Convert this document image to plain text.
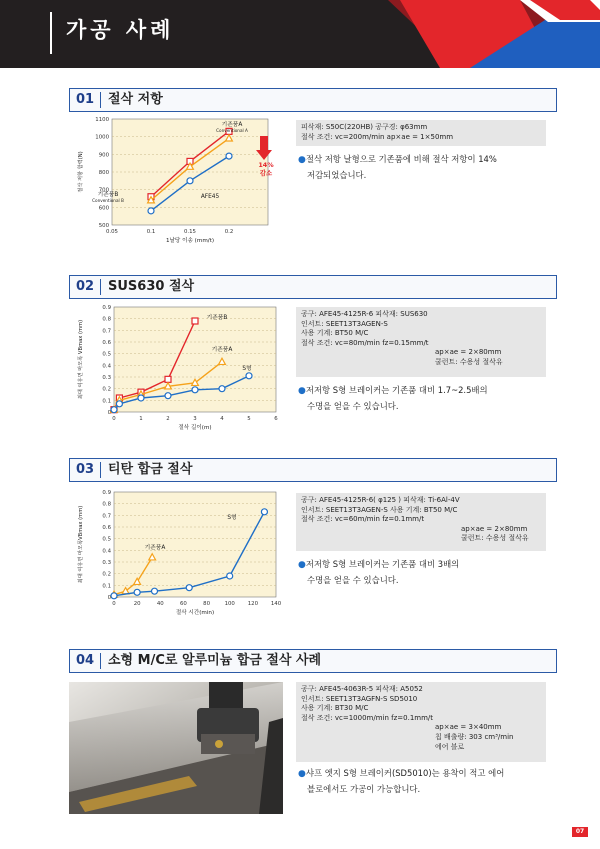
가공 사례
01	절삭 저항
500
600
700
800
900
1000
1100
0.05	0.1	0.15	0.2
1날당 이송 (mm/t)
절삭 저항 합력(N)
기존품A
Conventional A
기존품B
Conventional B
AFE45
14%
감소
피삭재: S50C(220HB) 공구경: φ63mm
절삭 조건: vc=200m/min ap×ae = 1×50mm
●절삭 저항 날형으로 기존품에 비해 절삭 저항이 14%
저감되었습니다.
02	SUS630 절삭
0
0.1
0.2
0.3
0.4
0.5
0.6
0.7
0.8
0.9
0	1	2	3	4	5	6
절삭 길이(m)
최대 여유면 마모폭 VBmax (mm)
기존품B
기존품A
S형
공구: AFE45-4125R-6 피삭재: SUS630
인서트: SEET13T3AGEN-S
사용 기계: BT50 M/C
절삭 조건: vc=80m/min fz=0.15mm/t
ap×ae = 2×80mm
쿨런트: 수용성 절삭유
●저저항 S형 브레이커는 기존품 대비 1.7~2.5배의
수명을 얻을 수 있습니다.
03	티탄 합금 절삭
0
0.1
0.2
0.3
0.4
0.5
0.6
0.7
0.8
0.9
0	20	40	60	80	100 120 140
절삭 시간(min)
최대 여유면 마모폭VBmax (mm)	기존품A
S형
공구: AFE45-4125R-6( φ125 ) 피삭재: Ti-6Al-4V
인서트: SEET13T3AGEN-S 사용 기계: BT50 M/C
절삭 조건: vc=60m/min fz=0.1mm/t
ap×ae = 2×80mm
쿨런트: 수용성 절삭유
●저저항 S형 브레이커는 기존품 대비 3배의
수명을 얻을 수 있습니다.
04	소형 M/C로 알루미늄 합금 절삭 사례
공구: AFE45-4063R-5 피삭재: A5052
인서트: SEET13T3AGFN-S SD5010
사용 기계: BT30 M/C
절삭 조건: vc=1000m/min fz=0.1mm/t
ap×ae = 3×40mm
칩 배출량: 303 cm³/min
에어 블로
●샤프 엣지 S형 브레이커(SD5010)는 용착이 적고 에어
블로에서도 가공이 가능합니다.
07
